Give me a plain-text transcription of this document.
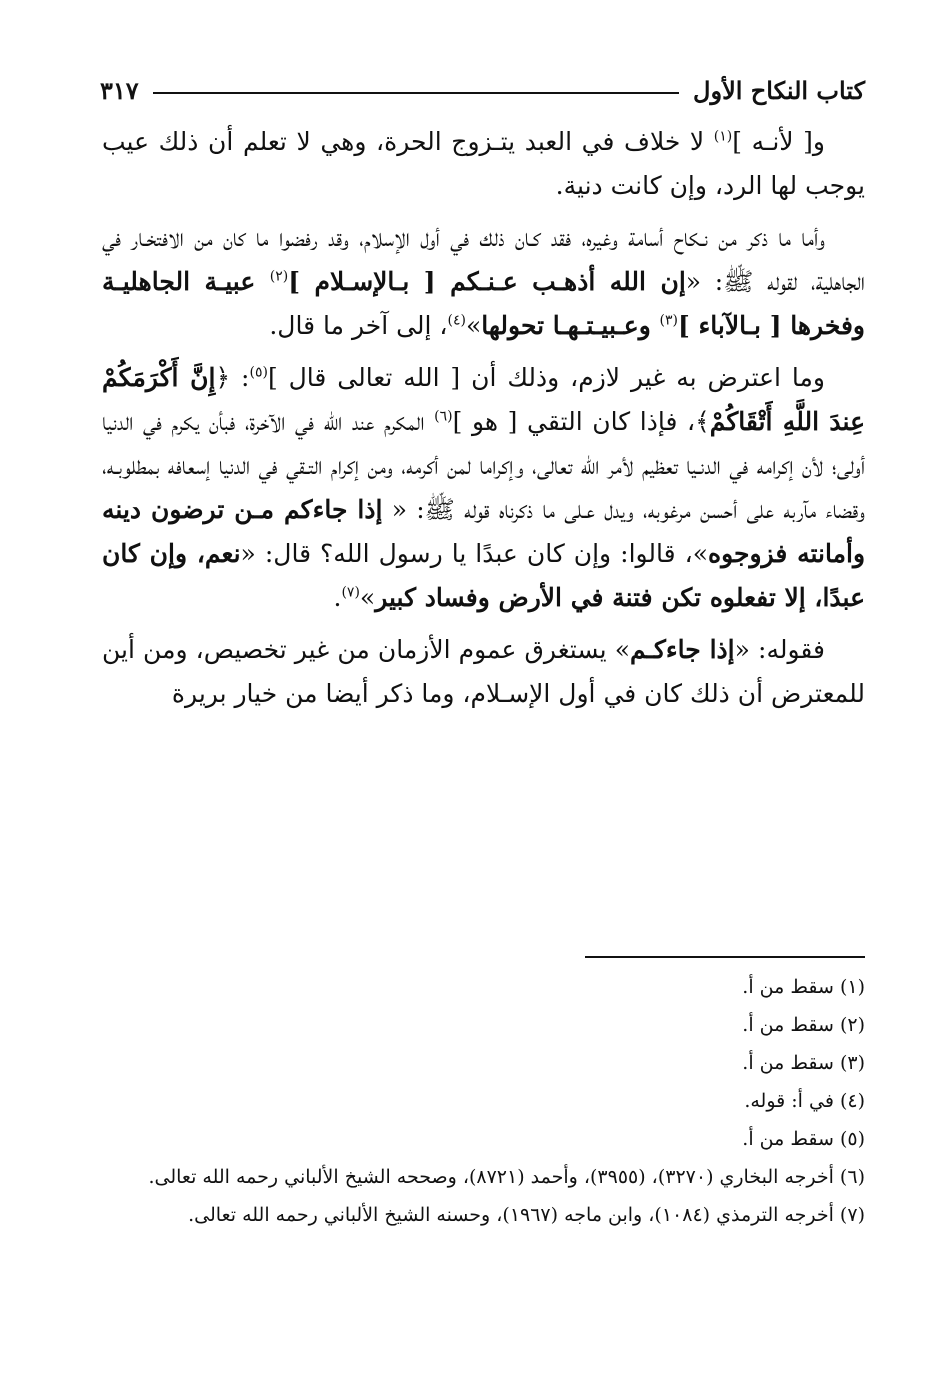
كتاب النكاح الأول
٣١٧

و[ لأنـه ]$^{(١)}$ لا خلاف في العبد يتـزوج الحرة، وهي لا تعلم أن ذلك عيب يوجب لها الرد، وإن كانت دنية.

وأما ما ذكر من نـكاح أسامة وغيره، فقد كـان ذلك في أول الإسلام، وقد رفضوا ما كان من الافتخـار في الجاهلية، لقوله ﷺ: «إن الله أذهـب عـنـكم [ بـالإسـلام ]$^{(٢)}$ عبيـة الجاهليـة وفخرها [ بـالآباء ]$^{(٣)}$ وعـبيـتـهـا تحولها»$^{(٤)}$، إلى آخر ما قال.

وما اعترض به غير لازم، وذلك أن [ الله تعالى قال ]$^{(٥)}$: ﴿إِنَّ أَكْرَمَكُمْ عِندَ اللَّهِ أَتْقَاكُمْ﴾، فإذا كان التقي [ هو ]$^{(٦)}$ المكرم عند الله في الآخرة، فبأن يكرم في الدنيا أولى؛ لأن إكرامه في الدنـيا تعظيم لأمر الله تعالى، وإكراما لمن أكرمه، ومن إكرام التـقي في الدنيا إسعافه بمطلوبـه، وقضاء مآربه على أحسن مرغوبه، ويدل عـلى ما ذكرناه قوله ﷺ: « إذا جاءكم مـن ترضون دينه وأمانته فزوجوه»، قالوا: وإن كان عبدًا يا رسول الله؟ قال: «نعم، وإن كان عبدًا، إلا تفعلوه تكن فتنة في الأرض وفساد كبير»$^{(٧)}$.

فقوله: «إذا جاءكـم» يستغرق عموم الأزمان من غير تخصيص، ومن أين للمعترض أن ذلك كان في أول الإسـلام، وما ذكر أيضا من خيار بريرة

(١) سقط من أ.

(٢) سقط من أ.

(٣) سقط من أ.

(٤) في أ: قوله.

(٥) سقط من أ.

(٦) أخرجه البخاري (٣٢٧٠)، (٣٩٥٥)، وأحمد (٨٧٢١)، وصححه الشيخ الألباني رحمه الله تعالى.

(٧) أخرجه الترمذي (١٠٨٤)، وابن ماجه (١٩٦٧)، وحسنه الشيخ الألباني رحمه الله تعالى.
